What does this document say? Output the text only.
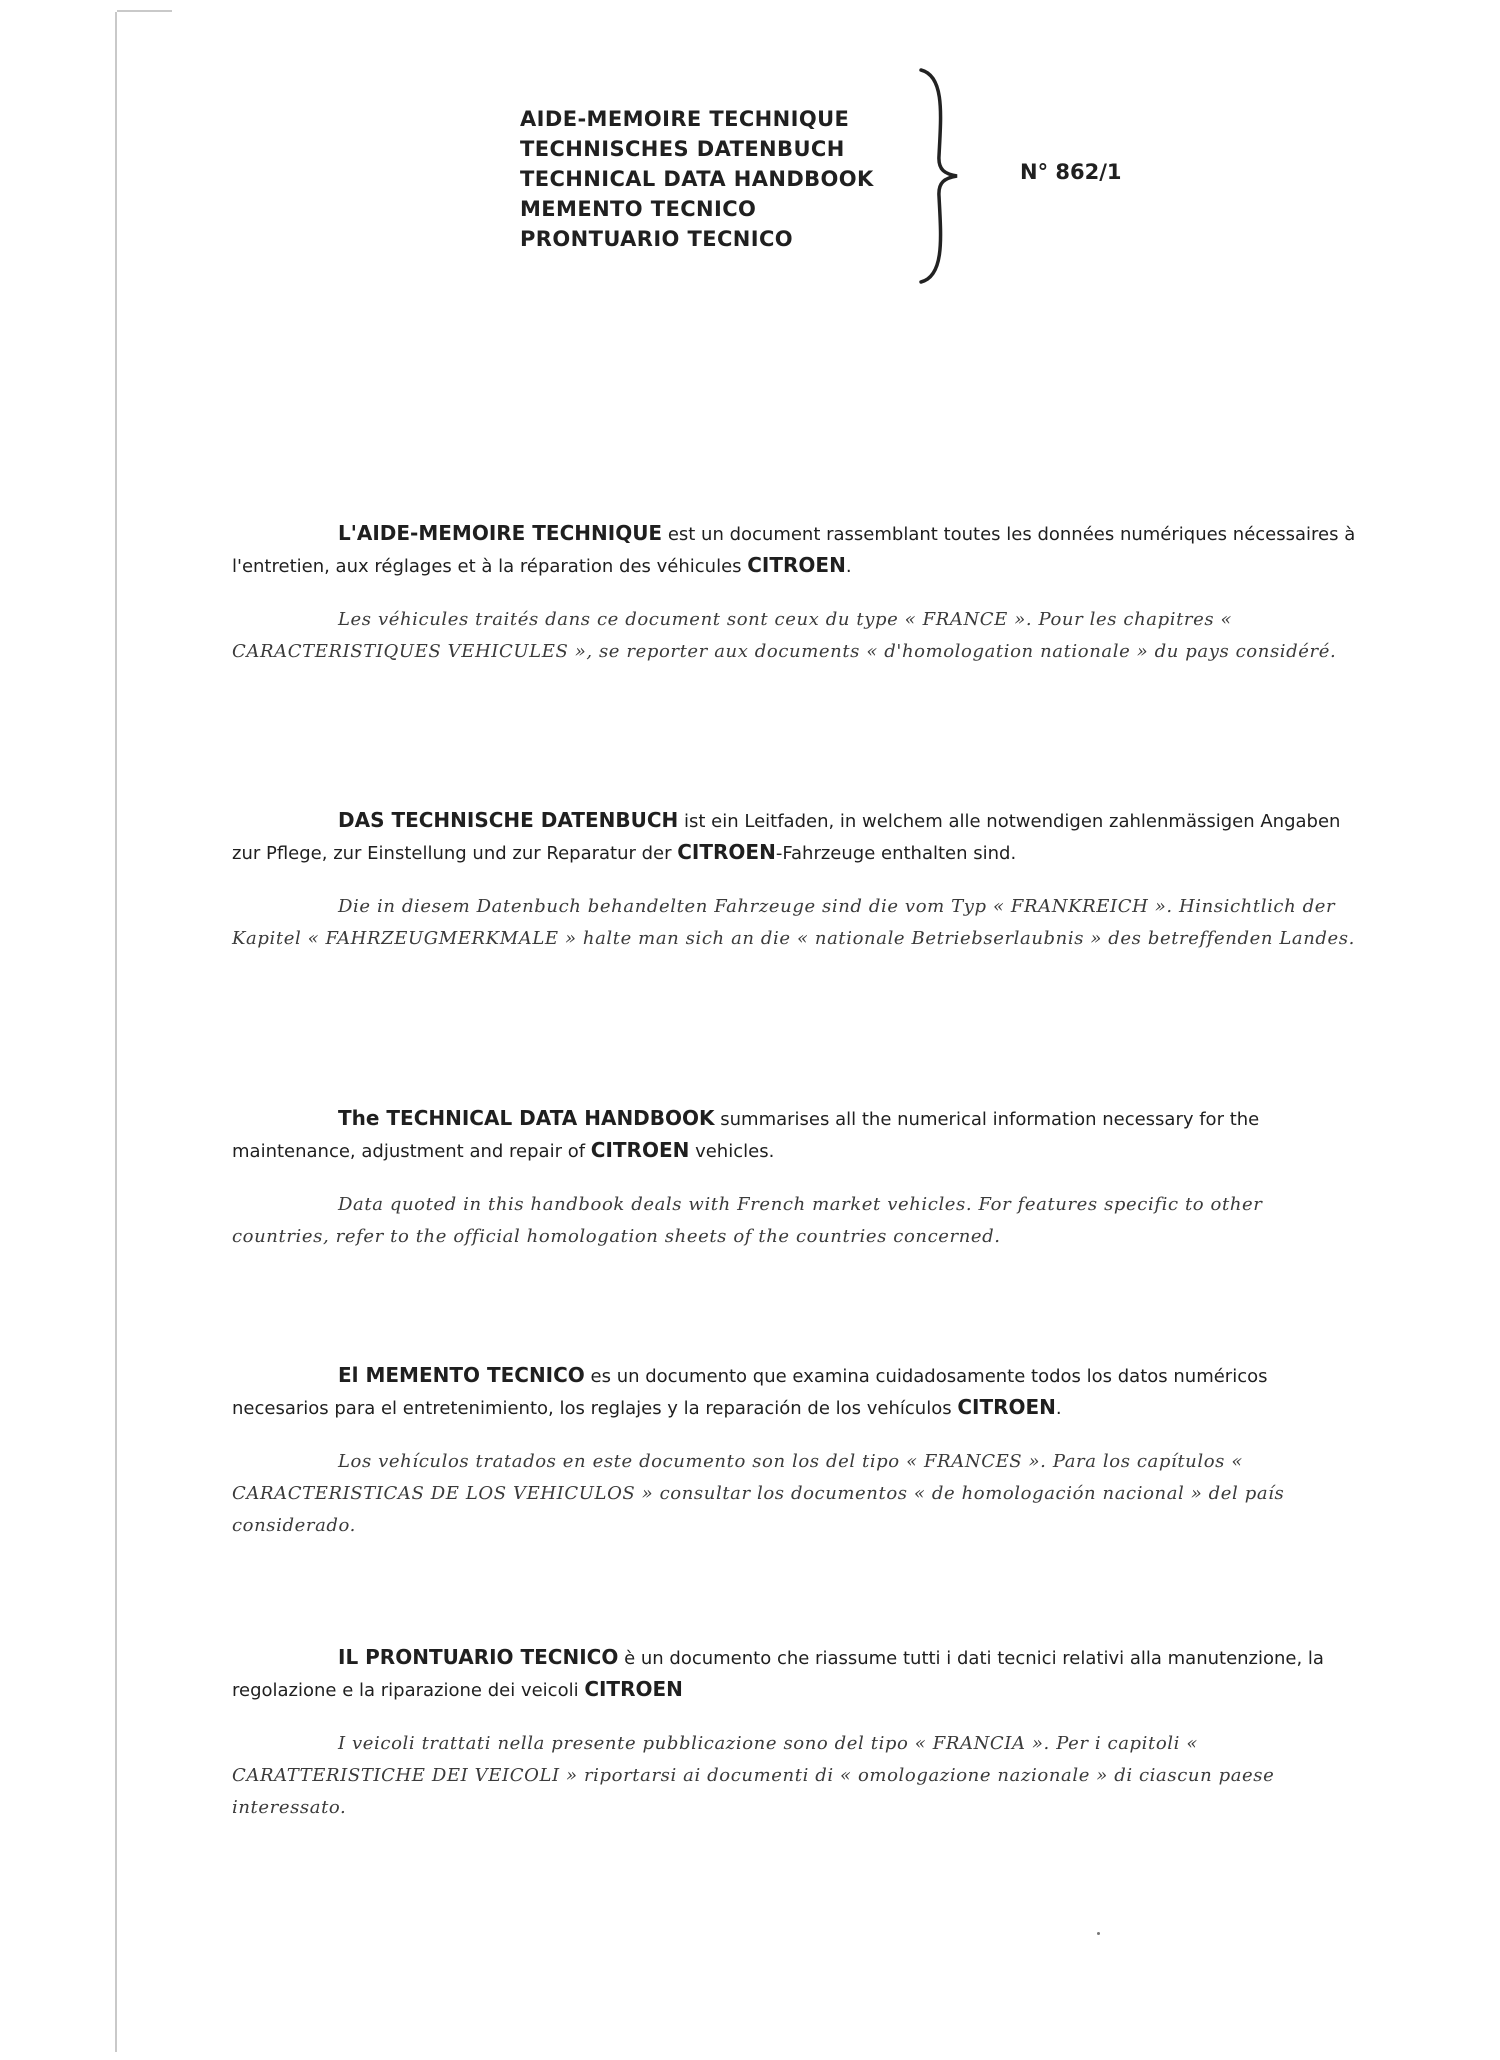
AIDE-MEMOIRE TECHNIQUE
TECHNISCHES DATENBUCH
TECHNICAL DATA HANDBOOK
MEMENTO TECNICO
PRONTUARIO TECNICO
N° 862/1

L'AIDE-MEMOIRE TECHNIQUE est un document rassemblant toutes les données numériques nécessaires à l'entretien, aux réglages et à la réparation des véhicules CITROEN.

Les véhicules traités dans ce document sont ceux du type « FRANCE ». Pour les chapitres « CARACTERISTIQUES VEHICULES », se reporter aux documents « d'homologation nationale » du pays considéré.

DAS TECHNISCHE DATENBUCH ist ein Leitfaden, in welchem alle notwendigen zahlenmässigen Angaben zur Pflege, zur Einstellung und zur Reparatur der CITROEN-Fahrzeuge enthalten sind.

Die in diesem Datenbuch behandelten Fahrzeuge sind die vom Typ « FRANKREICH ». Hinsichtlich der Kapitel « FAHRZEUGMERKMALE » halte man sich an die « nationale Betriebserlaubnis » des betreffenden Landes.

The TECHNICAL DATA HANDBOOK summarises all the numerical information necessary for the maintenance, adjustment and repair of CITROEN vehicles.

Data quoted in this handbook deals with French market vehicles. For features specific to other countries, refer to the official homologation sheets of the countries concerned.

El MEMENTO TECNICO es un documento que examina cuidadosamente todos los datos numéricos necesarios para el entretenimiento, los reglajes y la reparación de los vehículos CITROEN.

Los vehículos tratados en este documento son los del tipo « FRANCES ». Para los capítulos « CARACTERISTICAS DE LOS VEHICULOS » consultar los documentos « de homologación nacional » del país considerado.

IL PRONTUARIO TECNICO è un documento che riassume tutti i dati tecnici relativi alla manutenzione, la regolazione e la riparazione dei veicoli CITROEN

I veicoli trattati nella presente pubblicazione sono del tipo « FRANCIA ». Per i capitoli « CARATTERISTICHE DEI VEICOLI » riportarsi ai documenti di « omologazione nazionale » di ciascun paese interessato.
